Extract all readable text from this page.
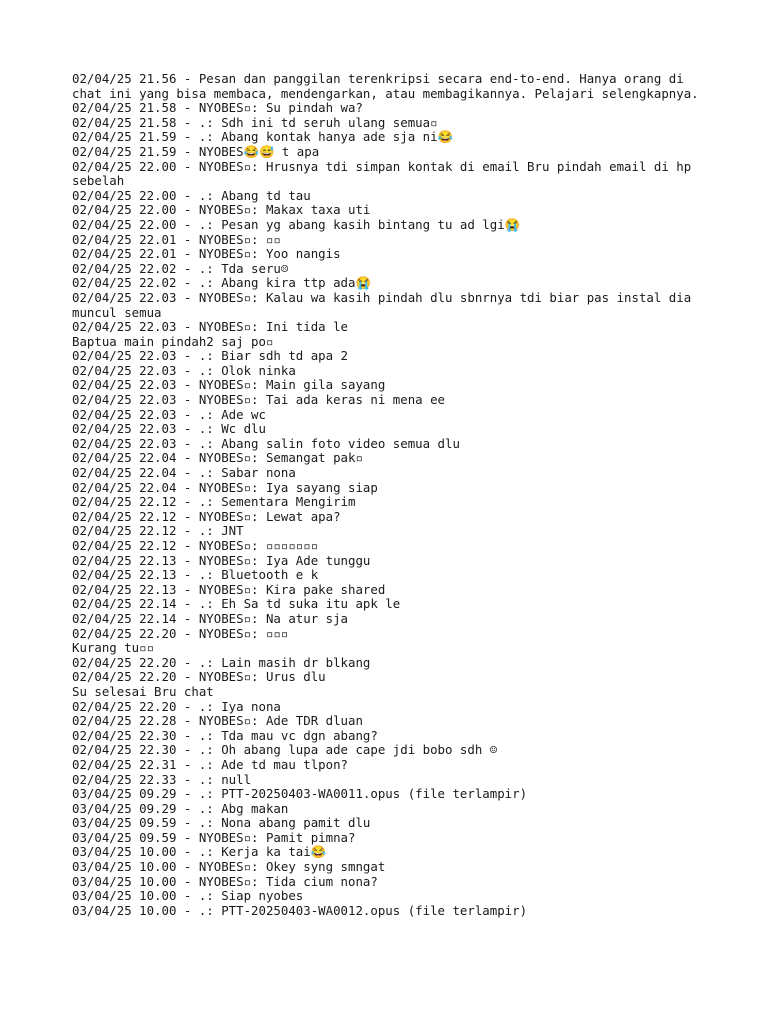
02/04/25 21.56 - Pesan dan panggilan terenkripsi secara end-to-end. Hanya orang di chat ini yang bisa membaca, mendengarkan, atau membagikannya. Pelajari selengkapnya.
02/04/25 21.58 - NYOBES▫: Su pindah wa?
02/04/25 21.58 - .: Sdh ini td seruh ulang semua▫
02/04/25 21.59 - .: Abang kontak hanya ade sja ni😂
02/04/25 21.59 - NYOBES😂😅 t apa
02/04/25 22.00 - NYOBES▫: Hrusnya tdi simpan kontak di email Bru pindah email di hp sebelah
02/04/25 22.00 - .: Abang td tau
02/04/25 22.00 - NYOBES▫: Makax taxa uti
02/04/25 22.00 - .: Pesan yg abang kasih bintang tu ad lgi😭
02/04/25 22.01 - NYOBES▫: ▫▫
02/04/25 22.01 - NYOBES▫: Yoo nangis
02/04/25 22.02 - .: Tda seru☹
02/04/25 22.02 - .: Abang kira ttp ada😭
02/04/25 22.03 - NYOBES▫: Kalau wa kasih pindah dlu sbnrnya tdi biar pas instal dia muncul semua
02/04/25 22.03 - NYOBES▫: Ini tida le
Baptua main pindah2 saj po▫
02/04/25 22.03 - .: Biar sdh td apa 2
02/04/25 22.03 - .: Olok ninka
02/04/25 22.03 - NYOBES▫: Main gila sayang
02/04/25 22.03 - NYOBES▫: Tai ada keras ni mena ee
02/04/25 22.03 - .: Ade wc
02/04/25 22.03 - .: Wc dlu
02/04/25 22.03 - .: Abang salin foto video semua dlu
02/04/25 22.04 - NYOBES▫: Semangat pak▫
02/04/25 22.04 - .: Sabar nona
02/04/25 22.04 - NYOBES▫: Iya sayang siap
02/04/25 22.12 - .: Sementara Mengirim
02/04/25 22.12 - NYOBES▫: Lewat apa?
02/04/25 22.12 - .: JNT
02/04/25 22.12 - NYOBES▫: ▫▫▫▫▫▫▫
02/04/25 22.13 - NYOBES▫: Iya Ade tunggu
02/04/25 22.13 - .: Bluetooth e k
02/04/25 22.13 - NYOBES▫: Kira pake shared
02/04/25 22.14 - .: Eh Sa td suka itu apk le
02/04/25 22.14 - NYOBES▫: Na atur sja
02/04/25 22.20 - NYOBES▫: ▫▫▫
Kurang tu▫▫
02/04/25 22.20 - .: Lain masih dr blkang
02/04/25 22.20 - NYOBES▫: Urus dlu
Su selesai Bru chat
02/04/25 22.20 - .: Iya nona
02/04/25 22.28 - NYOBES▫: Ade TDR dluan
02/04/25 22.30 - .: Tda mau vc dgn abang?
02/04/25 22.30 - .: Oh abang lupa ade cape jdi bobo sdh ☺
02/04/25 22.31 - .: Ade td mau tlpon?
02/04/25 22.33 - .: null
03/04/25 09.29 - .: PTT-20250403-WA0011.opus (file terlampir)
03/04/25 09.29 - .: Abg makan
03/04/25 09.59 - .: Nona abang pamit dlu
03/04/25 09.59 - NYOBES▫: Pamit pimna?
03/04/25 10.00 - .: Kerja ka tai😂
03/04/25 10.00 - NYOBES▫: Okey syng smngat
03/04/25 10.00 - NYOBES▫: Tida cium nona?
03/04/25 10.00 - .: Siap nyobes
03/04/25 10.00 - .: PTT-20250403-WA0012.opus (file terlampir)
